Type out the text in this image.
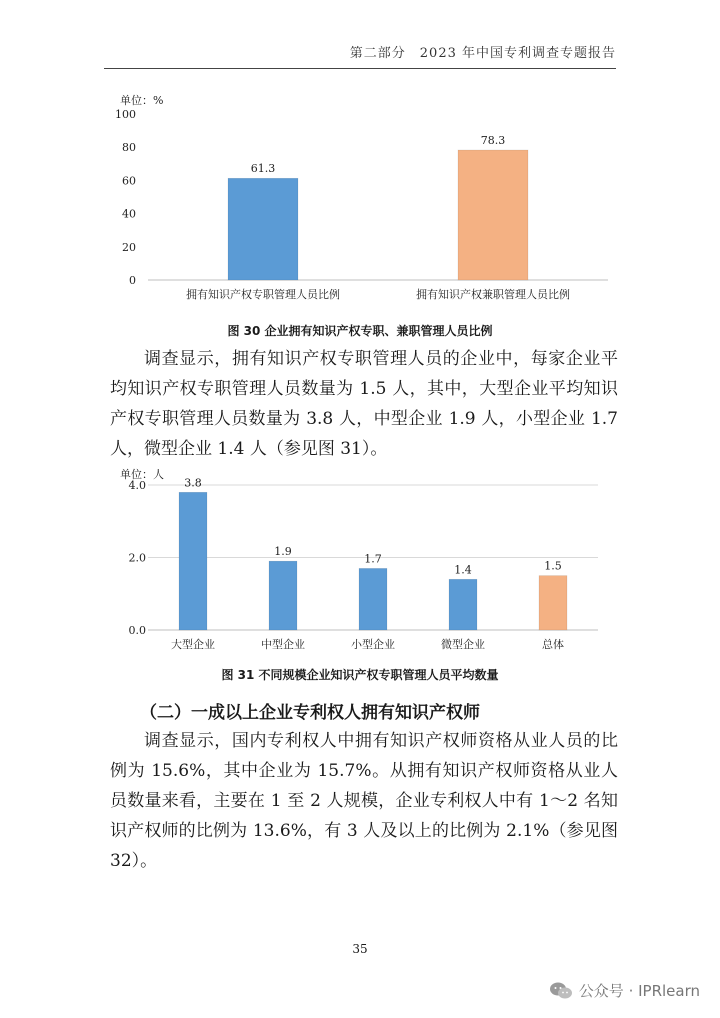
第二部分　2023 年中国专利调查专题报告
单位：%
0
20
40
60
80
100
61.3
拥有知识产权专职管理人员比例
78.3
拥有知识产权兼职管理人员比例
图 30 企业拥有知识产权专职、兼职管理人员比例

调查显示，拥有知识产权专职管理人员的企业中，每家企业平均知识产权专职管理人员数量为 1.5 人，其中，大型企业平均知识产权专职管理人员数量为 3.8 人，中型企业 1.9 人，小型企业 1.7 人，微型企业 1.4 人（参见图 31）。

单位：人
0.0
2.0
4.0	3.8
大型企业
1.9
中型企业
1.7
小型企业
1.4
微型企业
1.5
总体
图 31 不同规模企业知识产权专职管理人员平均数量
（二）一成以上企业专利权人拥有知识产权师

调查显示，国内专利权人中拥有知识产权师资格从业人员的比例为 15.6%，其中企业为 15.7%。从拥有知识产权师资格从业人员数量来看，主要在 1 至 2 人规模，企业专利权人中有 1～2 名知识产权师的比例为 13.6%，有 3 人及以上的比例为 2.1%（参见图 32）。

35
公众号 · IPRlearn
